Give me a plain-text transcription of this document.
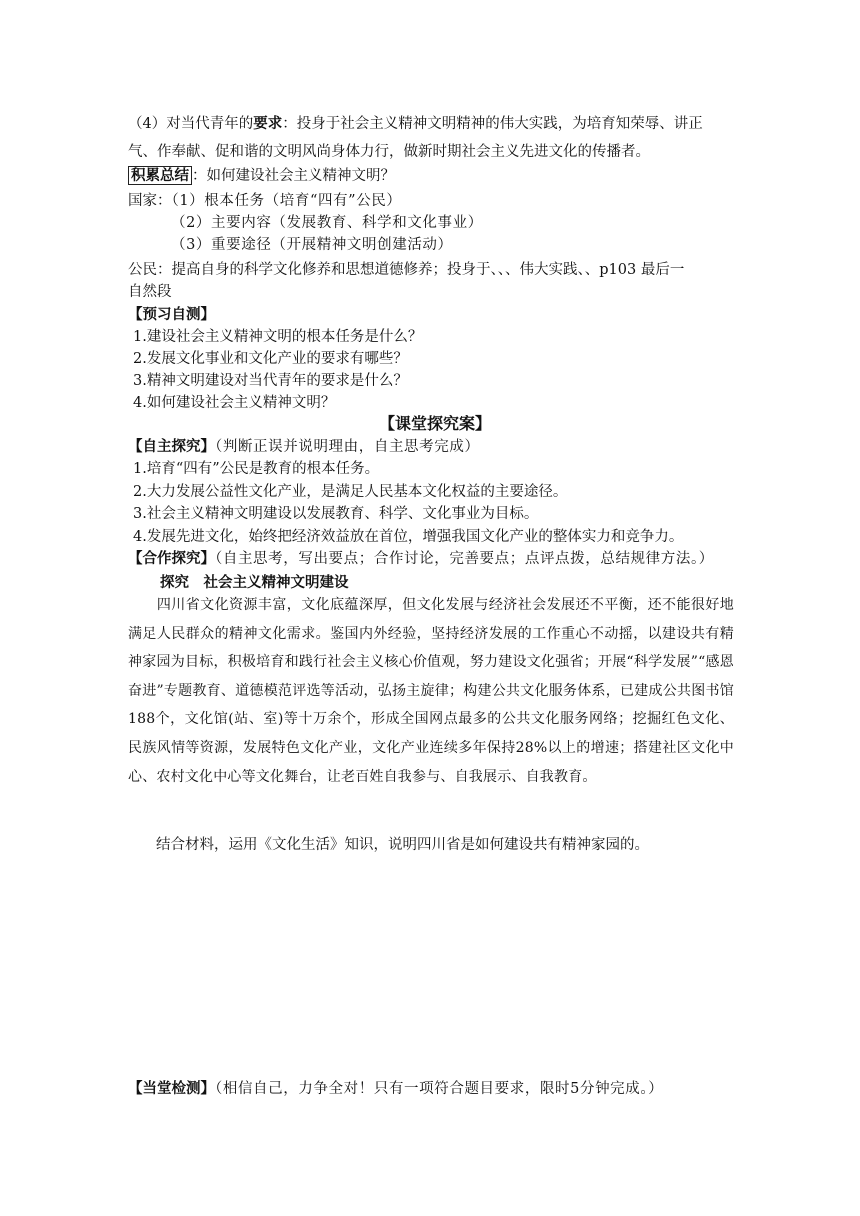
（4）对当代青年的要求：投身于社会主义精神文明精神的伟大实践，为培育知荣辱、讲正
气、作奉献、促和谐的文明风尚身体力行，做新时期社会主义先进文化的传播者。
积累总结 ：如何建设社会主义精神文明？
国家：（1）根本任务（培育“四有”公民）
（2）主要内容（发展教育、科学和文化事业）
（3）重要途径（开展精神文明创建活动）
公民：提高自身的科学文化修养和思想道德修养；投身于、、、伟大实践、、p103 最后一
自然段
【预习自测】
1.建设社会主义精神文明的根本任务是什么？
2.发展文化事业和文化产业的要求有哪些？
3.精神文明建设对当代青年的要求是什么？
4.如何建设社会主义精神文明？
【课堂探究案】
【自主探究】（判断正误并说明理由，自主思考完成）
1.培育“四有”公民是教育的根本任务。
2.大力发展公益性文化产业，是满足人民基本文化权益的主要途径。
3.社会主义精神文明建设以发展教育、科学、文化事业为目标。
4.发展先进文化，始终把经济效益放在首位，增强我国文化产业的整体实力和竞争力。
【合作探究】（自主思考，写出要点；合作讨论，完善要点；点评点拨，总结规律方法。）
探究　社会主义精神文明建设
　　四川省文化资源丰富，文化底蕴深厚，但文化发展与经济社会发展还不平衡，还不能很好地满足人民群众的精神文化需求。鉴国内外经验，坚持经济发展的工作重心不动摇，以建设共有精神家园为目标，积极培育和践行社会主义核心价值观，努力建设文化强省；开展“科学发展”“感恩奋进”专题教育、道德模范评选等活动，弘扬主旋律；构建公共文化服务体系，已建成公共图书馆188个，文化馆(站、室)等十万余个，形成全国网点最多的公共文化服务网络；挖掘红色文化、民族风情等资源，发展特色文化产业，文化产业连续多年保持28%以上的增速；搭建社区文化中心、农村文化中心等文化舞台，让老百姓自我参与、自我展示、自我教育。
结合材料，运用《文化生活》知识，说明四川省是如何建设共有精神家园的。
【当堂检测】（相信自己，力争全对！只有一项符合题目要求，限时5分钟完成。）
